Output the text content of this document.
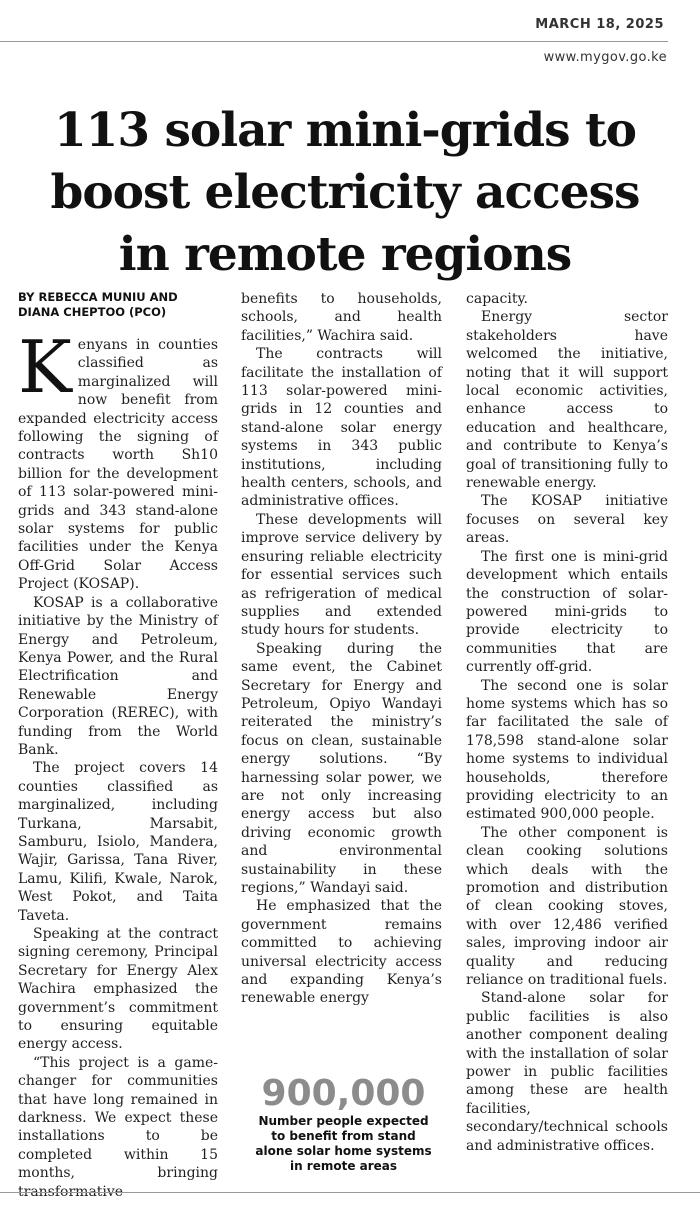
MARCH 18, 2025
www.mygov.go.ke
113 solar mini-grids to
boost electricity access
in remote regions
BY REBECCA MUNIU AND
DIANA CHEPTOO (PCO)

Kenyans in counties classified as marginalized will now benefit from expanded electricity access following the signing of contracts worth Sh10 billion for the development of 113 solar-powered mini-grids and 343 stand-alone solar systems for public facilities under the Kenya Off-Grid Solar Access Project (KOSAP).

KOSAP is a collaborative initiative by the Ministry of Energy and Petroleum, Kenya Power, and the Rural Electrification and Renewable Energy Corporation (REREC), with funding from the World Bank.

The project covers 14 counties classified as marginalized, including Turkana, Marsabit, Samburu, Isiolo, Mandera, Wajir, Garissa, Tana River, Lamu, Kilifi, Kwale, Narok, West Pokot, and Taita Taveta.

Speaking at the contract signing ceremony, Principal Secretary for Energy Alex Wachira emphasized the government’s commitment to ensuring equitable energy access.

“This project is a game-changer for communities that have long remained in darkness. We expect these installations to be completed within 15 months, bringing transformative

benefits to households, schools, and health facilities,” Wachira said.

The contracts will facilitate the installation of 113 solar-powered mini-grids in 12 counties and stand-alone solar energy systems in 343 public institutions, including health centers, schools, and administrative offices.

These developments will improve service delivery by ensuring reliable electricity for essential services such as refrigeration of medical supplies and extended study hours for students.

Speaking during the same event, the Cabinet Secretary for Energy and Petroleum, Opiyo Wandayi reiterated the ministry’s focus on clean, sustainable energy solutions. “By harnessing solar power, we are not only increasing energy access but also driving economic growth and environmental sustainability in these regions,” Wandayi said.

He emphasized that the government remains committed to achieving universal electricity access and expanding Kenya’s renewable energy

capacity.

Energy sector stakeholders have welcomed the initiative, noting that it will support local economic activities, enhance access to education and healthcare, and contribute to Kenya’s goal of transitioning fully to renewable energy.

The KOSAP initiative focuses on several key areas.

The first one is mini-grid development which entails the construction of solar-powered mini-grids to provide electricity to communities that are currently off-grid.

The second one is solar home systems which has so far facilitated the sale of 178,598 stand-alone solar home systems to individual households, therefore providing electricity to an estimated 900,000 people.

The other component is clean cooking solutions which deals with the promotion and distribution of clean cooking stoves, with over 12,486 verified sales, improving indoor air quality and reducing reliance on traditional fuels.

Stand-alone solar for public facilities is also another component dealing with the installation of solar power in public facilities among these are health facilities, secondary/technical schools and administrative offices.

900,000
Number people expected
to benefit from stand
alone solar home systems
in remote areas
